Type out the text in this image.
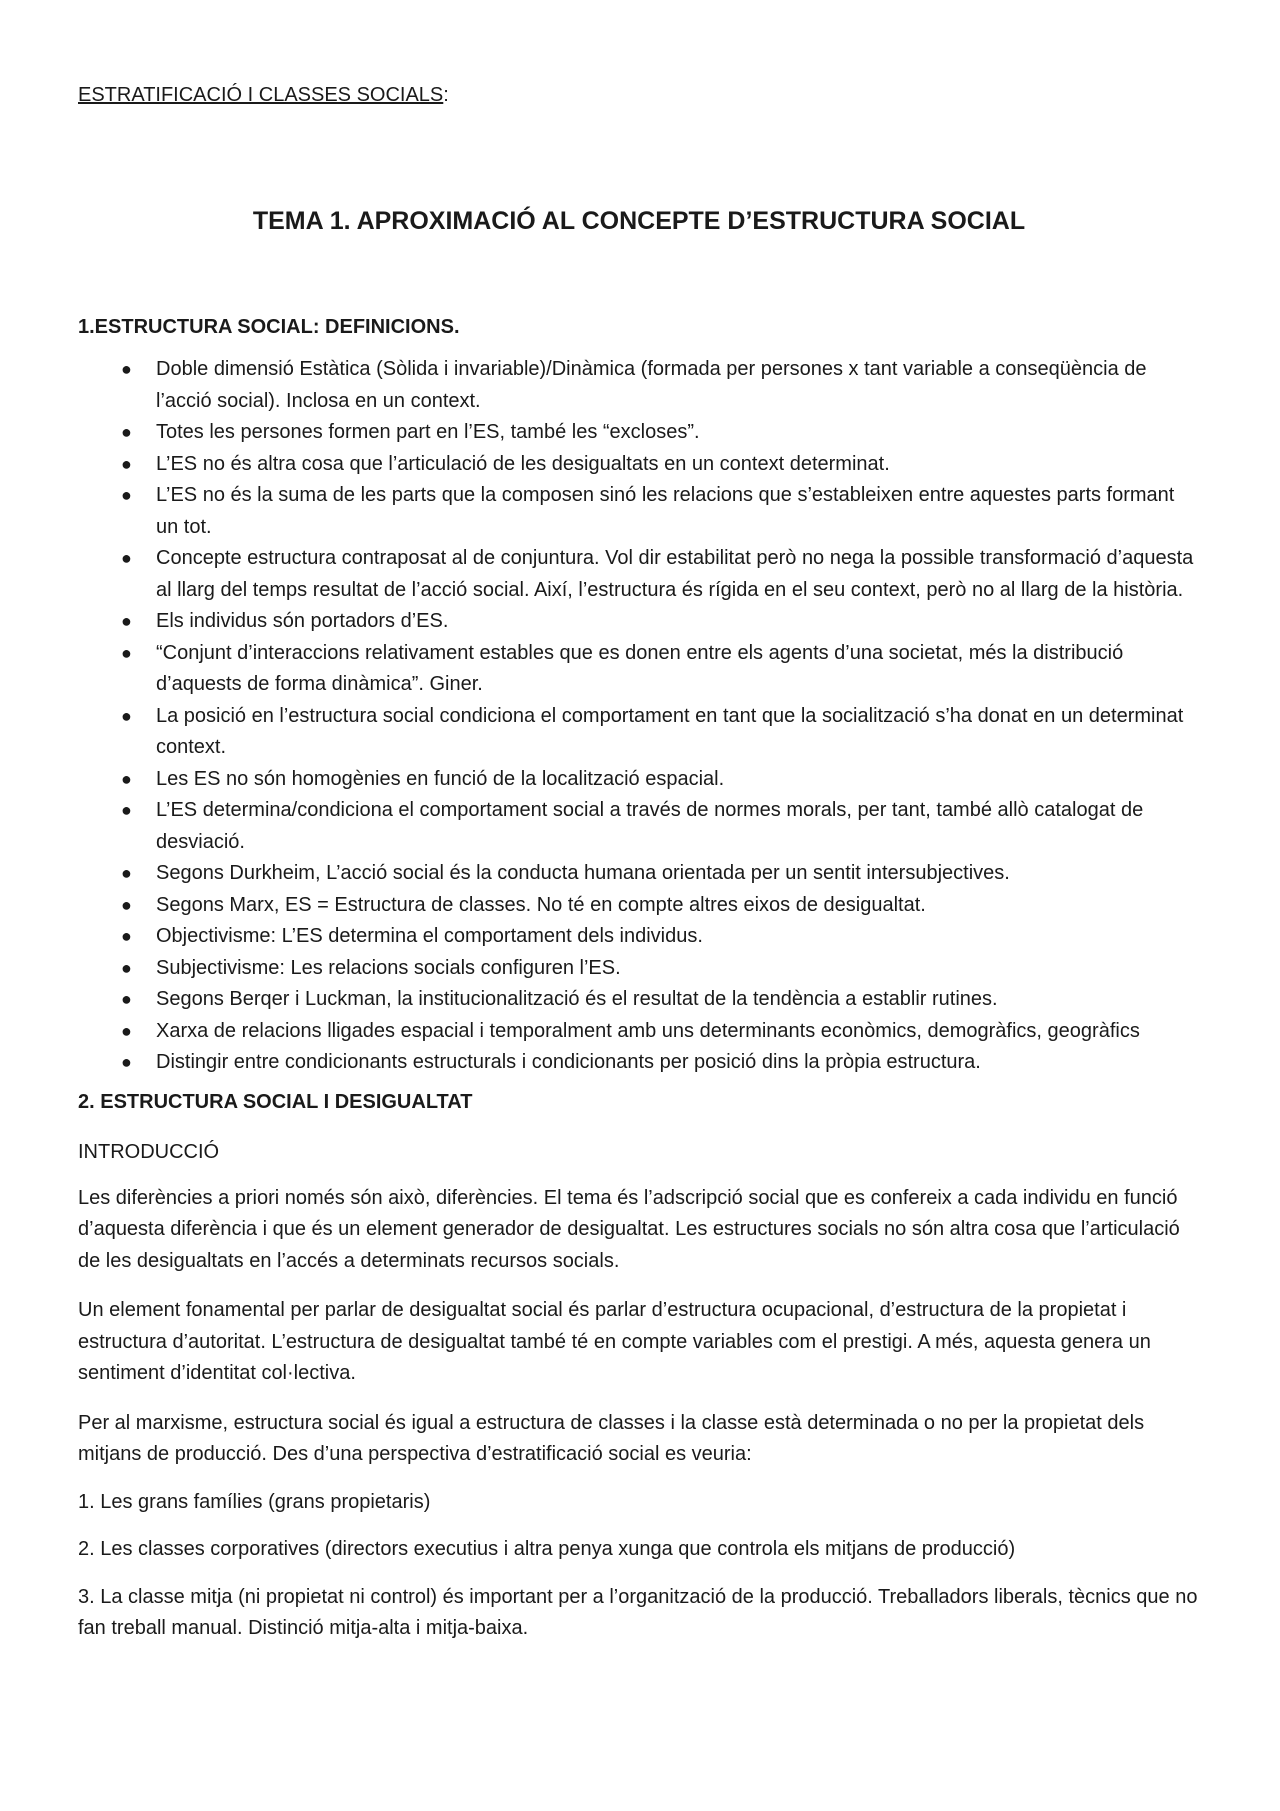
ESTRATIFICACIÓ I CLASSES SOCIALS:

TEMA 1. APROXIMACIÓ AL CONCEPTE D’ESTRUCTURA SOCIAL
1.ESTRUCTURA SOCIAL: DEFINICIONS.
● Doble dimensió Estàtica (Sòlida i invariable)/Dinàmica (formada per persones x tant variable a conseqüència de l’acció social). Inclosa en un context.
● Totes les persones formen part en l’ES, també les “excloses”.
● L’ES no és altra cosa que l’articulació de les desigualtats en un context determinat.
● L’ES no és la suma de les parts que la composen sinó les relacions que s’estableixen entre aquestes parts formant un tot.
● Concepte estructura contraposat al de conjuntura. Vol dir estabilitat però no nega la possible transformació d’aquesta al llarg del temps resultat de l’acció social. Així, l’estructura és rígida en el seu context, però no al llarg de la història.
● Els individus són portadors d’ES.
● “Conjunt d’interaccions relativament estables que es donen entre els agents d’una societat, més la distribució d’aquests de forma dinàmica”. Giner.
● La posició en l’estructura social condiciona el comportament en tant que la socialització s’ha donat en un determinat context.
● Les ES no són homogènies en funció de la localització espacial.
● L’ES determina/condiciona el comportament social a través de normes morals, per tant, també allò catalogat de desviació.
● Segons Durkheim, L’acció social és la conducta humana orientada per un sentit intersubjectives.
● Segons Marx, ES = Estructura de classes. No té en compte altres eixos de desigualtat.
● Objectivisme: L’ES determina el comportament dels individus.
● Subjectivisme: Les relacions socials configuren l’ES.
● Segons Berqer i Luckman, la institucionalització és el resultat de la tendència a establir rutines.
● Xarxa de relacions lligades espacial i temporalment amb uns determinants econòmics, demogràfics, geogràfics
● Distingir entre condicionants estructurals i condicionants per posició dins la pròpia estructura.
2. ESTRUCTURA SOCIAL I DESIGUALTAT

INTRODUCCIÓ

Les diferències a priori només són això, diferències. El tema és l’adscripció social que es confereix a cada individu en funció d’aquesta diferència i que és un element generador de desigualtat. Les estructures socials no són altra cosa que l’articulació de les desigualtats en l’accés a determinats recursos socials.

Un element fonamental per parlar de desigualtat social és parlar d’estructura ocupacional, d’estructura de la propietat i estructura d’autoritat. L’estructura de desigualtat també té en compte variables com el prestigi. A més, aquesta genera un sentiment d’identitat col·lectiva.

Per al marxisme, estructura social és igual a estructura de classes i la classe està determinada o no per la propietat dels mitjans de producció. Des d’una perspectiva d’estratificació social es veuria:

1. Les grans famílies (grans propietaris)

2. Les classes corporatives (directors executius i altra penya xunga que controla els mitjans de producció)

3. La classe mitja (ni propietat ni control) és important per a l’organització de la producció. Treballadors liberals, tècnics que no fan treball manual. Distinció mitja-alta i mitja-baixa.
